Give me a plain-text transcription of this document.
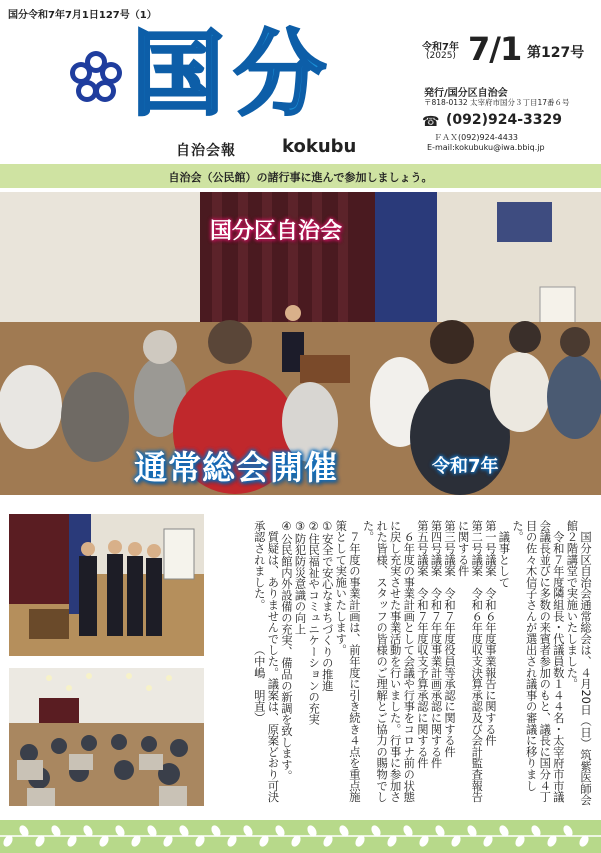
国分令和7年7月1日127号（1）
国分
自治会報	kokubu
令和7年
(2025) 7/1 第127号
発行/国分区自治会
〒818-0132 太宰府市国分３丁目17番６号
☎ (092)924-3329
ＦＡＸ(092)924-4433
E-mail:kokubuku@iwa.bbiq.jp
自治会（公民館）の諸行事に進んで参加しましょう。
国分区自治会
通常総会開催	令和7年

　国分区自治会通常総会は、４月20日（日）筑紫医師会館２階講堂で実施いたしました。

　令和７年度隣組長・代議員数１４４名・太宰府市市議会議長並びに多数の来賓者参加のもと、議長に国分４丁目の佐々木信子さんが選出され議事の審議に移りました。

　議事として

第一号議案　令和６年度事業報告に関する件

第二号議案　令和６年度収支決算承認及び会計監査報告に関する件

第三号議案　令和７年度役員等承認に関する件

第四号議案　令和７年度事業計画承認に関する件

第五号議案　令和７年度収支予算承認に関する件

　６年度の事業計画として会議や行事をコロナ前の状態に戻し充実させた事業活動を行いました。行事に参加された皆様、スタッフの皆様のご理解とご協力の賜物でした。

　７年度の事業計画は、前年度に引き続き４点を重点施策として実施いたします。

①安全で安心なまちづくりの推進

②住民福祉やコミュニケーションの充実

③防犯防災意識の向上

④公民館内外設備の充実、備品の新調を致します。

　質疑は、ありませんでした。議案は、原案どおり可決承認されました。　　　　（中嶋　明直）
